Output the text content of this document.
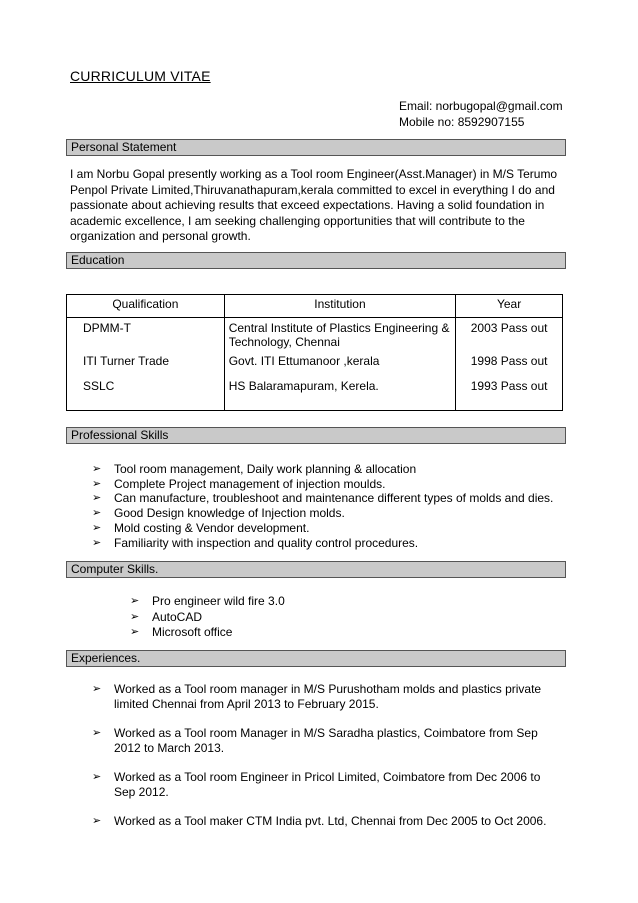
CURRICULUM VITAE
Email: norbugopal@gmail.com
Mobile no: 8592907155
Personal Statement
I am Norbu Gopal presently working as a Tool room Engineer(Asst.Manager) in M/S Terumo Penpol Private Limited,Thiruvanathapuram,kerala committed to excel in everything I do and passionate about achieving results that exceed expectations. Having a solid foundation in academic excellence, I am seeking challenging opportunities that will contribute to the organization and personal growth.
Education
Qualification	Institution	Year
DPMM-T	Central Institute of Plastics Engineering & Technology, Chennai	2003 Pass out
ITI Turner Trade	Govt. ITI Ettumanoor ,kerala	1998 Pass out
SSLC	HS Balaramapuram, Kerela.	1993 Pass out
Professional Skills
➢ Tool room management, Daily work planning & allocation
➢ Complete Project management of injection moulds.
➢ Can manufacture, troubleshoot and maintenance different types of molds and dies.
➢ Good Design knowledge of Injection molds.
➢ Mold costing & Vendor development.
➢ Familiarity with inspection and quality control procedures.
Computer Skills.
➢ Pro engineer wild fire 3.0
➢ AutoCAD
➢ Microsoft office
Experiences.
➢ Worked as a Tool room manager in M/S Purushotham molds and plastics private limited Chennai from April 2013 to February 2015.
➢ Worked as a Tool room Manager in M/S Saradha plastics, Coimbatore from Sep 2012 to March 2013.
➢ Worked as a Tool room Engineer in Pricol Limited, Coimbatore from Dec 2006 to Sep 2012.
➢ Worked as a Tool maker CTM India pvt. Ltd, Chennai from Dec 2005 to Oct 2006.
